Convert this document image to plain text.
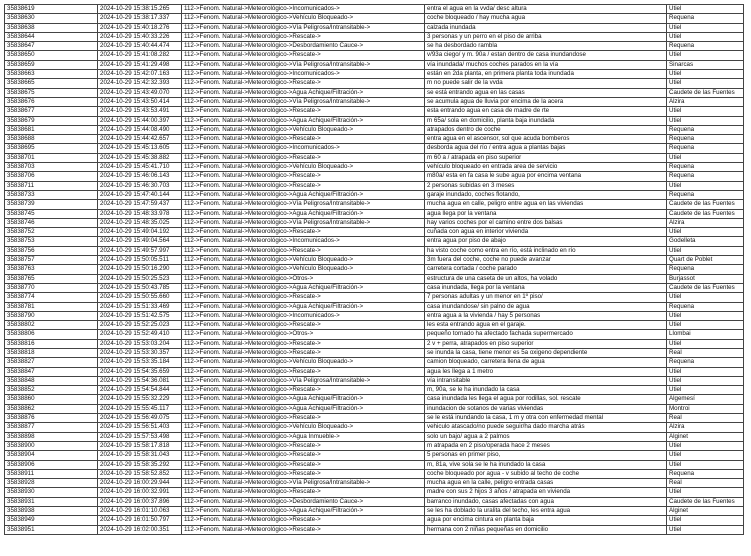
35838619	2024-10-29 15:38:15.265	112->Fenom. Natural->Meteorológico->Incomunicados->	entra el agua en la vvda/ desc altura	Utiel
35838630	2024-10-29 15:38:17.337	112->Fenom. Natural->Meteorológico->Vehículo Bloqueado->	coche bloqueado / hay mucha agua	Requena
35838638	2024-10-29 15:40:18.276	112->Fenom. Natural->Meteorológico->Vía Peligrosa/Intransitable->	calzada inundada	Utiel
35838644	2024-10-29 15:40:33.226	112->Fenom. Natural->Meteorológico->Rescate->	3 personas y un perro en el piso de arriba	Utiel
35838647	2024-10-29 15:40:44.474	112->Fenom. Natural->Meteorológico->Desbordamiento Cauce->	se ha desbordado rambla	Requena
35838650	2024-10-29 15:41:08.282	112->Fenom. Natural->Meteorológico->Rescate->	v/93a ciego/ y m. 90a / estan dentro de casa inundandose	Utiel
35838659	2024-10-29 15:41:29.498	112->Fenom. Natural->Meteorológico->Vía Peligrosa/Intransitable->	vía inundada/ muchos coches parados en la vía	Sinarcas
35838663	2024-10-29 15:42:07.163	112->Fenom. Natural->Meteorológico->Incomunicados->	están en 2da planta, en primera planta toda inundada	Utiel
35838665	2024-10-29 15:42:32.393	112->Fenom. Natural->Meteorológico->Rescate->	m no puede salir de la vvda	Utiel
35838675	2024-10-29 15:43:49.070	112->Fenom. Natural->Meteorológico->Agua Achique/Filtración->	se está entrando agua en las casas	Caudete de las Fuentes
35838676	2024-10-29 15:43:50.414	112->Fenom. Natural->Meteorológico->Vía Peligrosa/Intransitable->	se acumula agua de lluvia por encima de la acera	Alzira
35838677	2024-10-29 15:43:53.491	112->Fenom. Natural->Meteorológico->Rescate->	esta entrando agua en casa de madre de rte	Utiel
35838679	2024-10-29 15:44:00.397	112->Fenom. Natural->Meteorológico->Agua Achique/Filtración->	m 65a/ sola en domicilio, planta baja inundada	Utiel
35838681	2024-10-29 15:44:08.490	112->Fenom. Natural->Meteorológico->Vehículo Bloqueado->	atrapados dentro de coche	Requena
35838688	2024-10-29 15:44:42.657	112->Fenom. Natural->Meteorológico->Rescate->	entra agua en el ascensor, sol que acuda bomberos	Requena
35838695	2024-10-29 15:45:13.605	112->Fenom. Natural->Meteorológico->Incomunicados->	desborda agua del río / entra agua a plantas bajas	Requena
35838701	2024-10-29 15:45:38.882	112->Fenom. Natural->Meteorológico->Rescate->	m 60 a / atrapada en piso superior	Utiel
35838703	2024-10-29 15:45:41.710	112->Fenom. Natural->Meteorológico->Vehículo Bloqueado->	vehículo bloqueado en entrada area de servicio	Requena
35838706	2024-10-29 15:46:06.143	112->Fenom. Natural->Meteorológico->Rescate->	m80a/ esta en fa casa le sube agua por encima ventana	Requena
35838711	2024-10-29 15:46:30.703	112->Fenom. Natural->Meteorológico->Rescate->	2 personas subidas en 3 meses	Utiel
35838733	2024-10-29 15:47:40.144	112->Fenom. Natural->Meteorológico->Agua Achique/Filtración->	garaje inundado, coches flotando,	Requena
35838739	2024-10-29 15:47:59.437	112->Fenom. Natural->Meteorológico->Vía Peligrosa/Intransitable->	mucha agua en calle, peligro entre agua en las viviendas	Caudete de las Fuentes
35838745	2024-10-29 15:48:33.978	112->Fenom. Natural->Meteorológico->Agua Achique/Filtración->	agua llega por la ventana	Caudete de las Fuentes
35838746	2024-10-29 15:48:35.025	112->Fenom. Natural->Meteorológico->Vía Peligrosa/Intransitable->	hay varios coches por el camino entre dos balsas	Alzira
35838752	2024-10-29 15:49:04.192	112->Fenom. Natural->Meteorológico->Rescate->	cuñada con agua en interior vivienda	Utiel
35838753	2024-10-29 15:49:04.564	112->Fenom. Natural->Meteorológico->Incomunicados->	entra agua por piso de abajo	Godelleta
35838756	2024-10-29 15:49:57.997	112->Fenom. Natural->Meteorológico->Rescate->	ha visto coche como entra en río, está inclinado en río	Utiel
35838757	2024-10-29 15:50:05.511	112->Fenom. Natural->Meteorológico->Vehículo Bloqueado->	3m fuera del coche, coche no puede avanzar	Quart de Poblet
35838763	2024-10-29 15:50:16.290	112->Fenom. Natural->Meteorológico->Vehículo Bloqueado->	carretera cortada / coche parado	Requena
35838765	2024-10-29 15:50:25.523	112->Fenom. Natural->Meteorológico->Otros->	estructura de una caseta de un altos, ha volado	Burjassot
35838770	2024-10-29 15:50:43.785	112->Fenom. Natural->Meteorológico->Agua Achique/Filtración->	casa inundada, llega por la ventana	Caudete de las Fuentes
35838774	2024-10-29 15:50:55.660	112->Fenom. Natural->Meteorológico->Rescate->	7 personas adultas y un menor en 1º piso/	Utiel
35838781	2024-10-29 15:51:33.469	112->Fenom. Natural->Meteorológico->Agua Achique/Filtración->	casa inundandose/ sin palno de agua	Requena
35838790	2024-10-29 15:51:42.575	112->Fenom. Natural->Meteorológico->Incomunicados->	entra agua a la vivienda / hay 5 personas	Utiel
35838802	2024-10-29 15:52:25.023	112->Fenom. Natural->Meteorológico->Rescate->	les esta entrando agua en el garaje.	Utiel
35838806	2024-10-29 15:52:49.410	112->Fenom. Natural->Meteorológico->Otros->	pequeño tornado ha afectado fachada supermercado	Llombai
35838816	2024-10-29 15:53:03.204	112->Fenom. Natural->Meteorológico->Rescate->	2 v + perra, atrapados en piso superior	Utiel
35838818	2024-10-29 15:53:30.357	112->Fenom. Natural->Meteorológico->Rescate->	se inunda la casa, tiene menor es 5a oxigeno dependiente	Real
35838827	2024-10-29 15:53:35.184	112->Fenom. Natural->Meteorológico->Vehículo Bloqueado->	camion bloqueado, carretera llena de agua	Requena
35838847	2024-10-29 15:54:35.659	112->Fenom. Natural->Meteorológico->Rescate->	agua les llega a 1 metro	Utiel
35838848	2024-10-29 15:54:36.081	112->Fenom. Natural->Meteorológico->Vía Peligrosa/Intransitable->	vía intransitable	Utiel
35838852	2024-10-29 15:54:54.844	112->Fenom. Natural->Meteorológico->Rescate->	m, 90a, se le ha inundado la casa	Utiel
35838860	2024-10-29 15:55:32.229	112->Fenom. Natural->Meteorológico->Agua Achique/Filtración->	casa inundada les llega el agua por rodillas, sol. rescate	Algemesí
35838862	2024-10-29 15:55:45.117	112->Fenom. Natural->Meteorológico->Agua Achique/Filtración->	inundacion de sotanos de varias viviendas	Montroi
35838876	2024-10-29 15:56:49.075	112->Fenom. Natural->Meteorológico->Rescate->	se le está inundando la casa, 1 m y otra con enfermedad mental	Real
35838877	2024-10-29 15:56:51.403	112->Fenom. Natural->Meteorológico->Vehículo Bloqueado->	vehiculo atascado/no puede seguir/ha dado marcha atrás	Alzira
35838898	2024-10-29 15:57:53.498	112->Fenom. Natural->Meteorológico->Agua Inmueble->	solo un bajo/ agua a 2 palmos	Alginet
35838900	2024-10-29 15:58:17.818	112->Fenom. Natural->Meteorológico->Rescate->	m atrapada en 2 piso/operada hace 2 meses	Utiel
35838904	2024-10-29 15:58:31.043	112->Fenom. Natural->Meteorológico->Rescate->	5 personas en primer piso,	Utiel
35838906	2024-10-29 15:58:35.292	112->Fenom. Natural->Meteorológico->Rescate->	m, 81a, vive sola se le ha inundado la casa	Utiel
35838911	2024-10-29 15:58:52.852	112->Fenom. Natural->Meteorológico->Rescate->	coche bloqueado por agua - v subido al techo de coche	Requena
35838928	2024-10-29 16:00:29.944	112->Fenom. Natural->Meteorológico->Vía Peligrosa/Intransitable->	mucha agua en la calle, peligro entrada casas	Real
35838930	2024-10-29 16:00:32.991	112->Fenom. Natural->Meteorológico->Rescate->	madre con sus 2 hijos 3 años / atrapada en vivienda	Utiel
35838931	2024-10-29 16:00:37.896	112->Fenom. Natural->Meteorológico->Desbordamiento Cauce->	barranco inundado, casas afectadas con agua	Caudete de las Fuentes
35838938	2024-10-29 16:01:10.063	112->Fenom. Natural->Meteorológico->Agua Achique/Filtración->	se les ha doblado la uralita del techo, les entra agua	Alginet
35838949	2024-10-29 16:01:50.797	112->Fenom. Natural->Meteorológico->Rescate->	agua por encima cintura en planta baja	Utiel
35838951	2024-10-29 16:02:00.351	112->Fenom. Natural->Meteorológico->Rescate->	hermana con 2 niñas pequeñas en domicilio	Utiel
